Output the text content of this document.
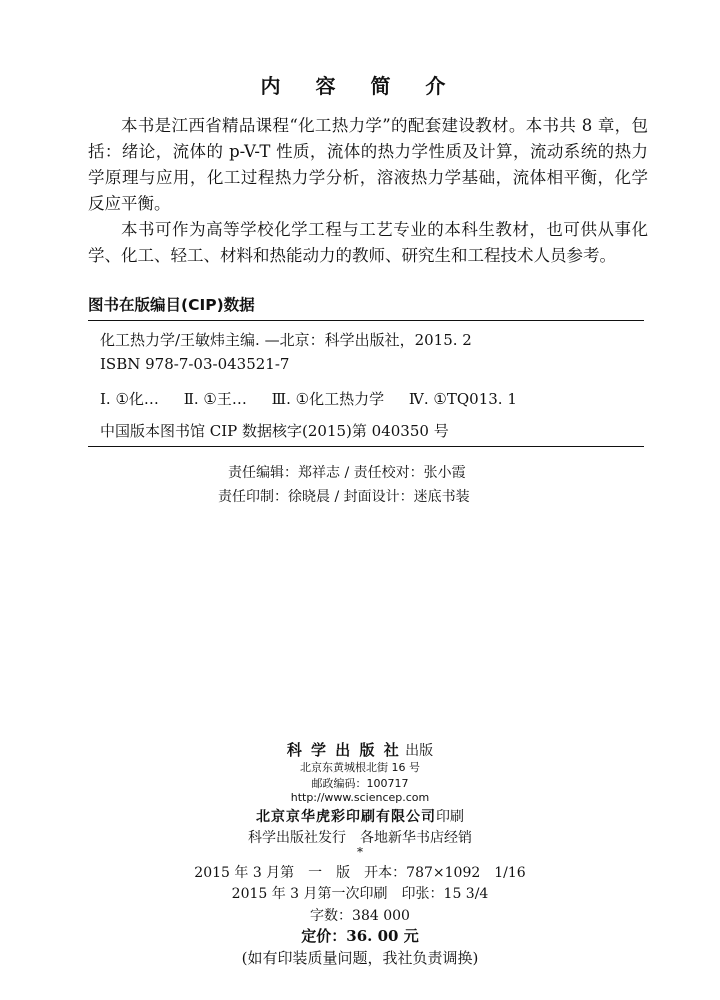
内 容 简 介
本书是江西省精品课程“化工热力学”的配套建设教材。本书共 8 章，包括：绪论，流体的 p-V-T 性质，流体的热力学性质及计算，流动系统的热力学原理与应用，化工过程热力学分析，溶液热力学基础，流体相平衡，化学反应平衡。
本书可作为高等学校化学工程与工艺专业的本科生教材，也可供从事化学、化工、轻工、材料和热能动力的教师、研究生和工程技术人员参考。
图书在版编目(CIP)数据
化工热力学/王敏炜主编. —北京：科学出版社，2015. 2
ISBN 978-7-03-043521-7
Ⅰ. ①化… Ⅱ. ①王… Ⅲ. ①化工热力学 Ⅳ. ①TQ013. 1
中国版本图书馆 CIP 数据核字(2015)第 040350 号
责任编辑：郑祥志 / 责任校对：张小霞
责任印制：徐晓晨 / 封面设计：迷底书装
科 学 出 版 社 出版
北京东黄城根北街 16 号
邮政编码：100717
http://www.sciencep.com
北京京华虎彩印刷有限公司印刷
科学出版社发行　各地新华书店经销
*
2015 年 3 月第　一　版　开本：787×1092　1/16
2015 年 3 月第一次印刷　印张：15 3/4
字数：384 000
定价：36. 00 元
(如有印装质量问题，我社负责调换)
